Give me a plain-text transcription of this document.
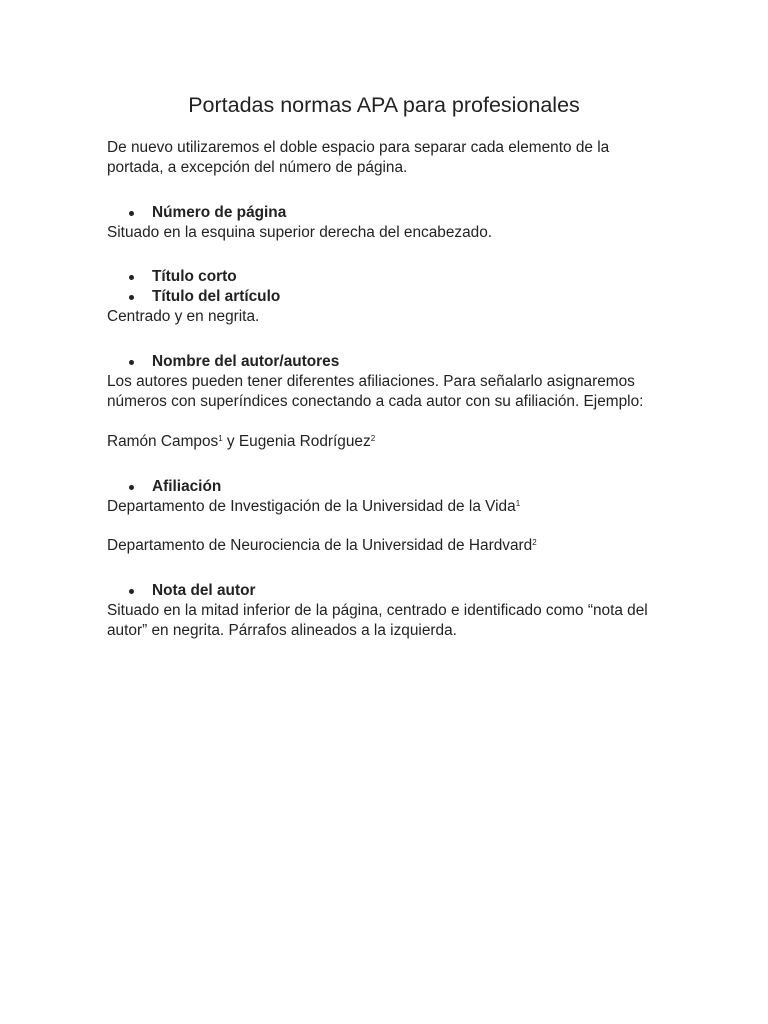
Portadas normas APA para profesionales

De nuevo utilizaremos el doble espacio para separar cada elemento de la portada, a excepción del número de página.

Número de página

Situado en la esquina superior derecha del encabezado.

Título corto
Título del artículo

Centrado y en negrita.

Nombre del autor/autores

Los autores pueden tener diferentes afiliaciones. Para señalarlo asignaremos números con superíndices conectando a cada autor con su afiliación. Ejemplo:

Ramón Campos$^1$ y Eugenia Rodríguez$^2$

Afiliación

Departamento de Investigación de la Universidad de la Vida$^1$

Departamento de Neurociencia de la Universidad de Hardvard$^2$

Nota del autor

Situado en la mitad inferior de la página, centrado e identificado como “nota del autor” en negrita. Párrafos alineados a la izquierda.
